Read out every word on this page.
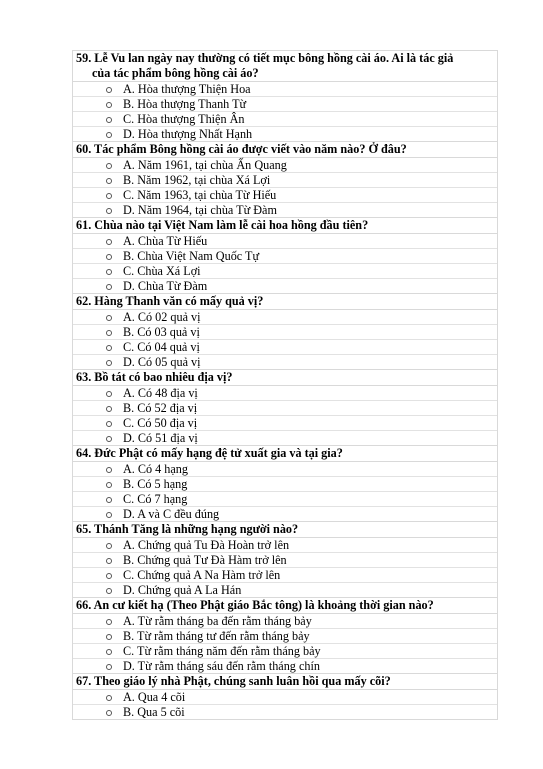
59. Lễ Vu lan ngày nay thường có tiết mục bông hồng cài áo. Ai là tác giả
của tác phẩm bông hồng cài áo?
A. Hòa thượng Thiện Hoa
B. Hòa thượng Thanh Từ
C. Hòa thượng Thiện Ân
D. Hòa thượng Nhất Hạnh
60. Tác phẩm Bông hồng cài áo được viết vào năm nào? Ở đâu?
A. Năm 1961, tại chùa Ấn Quang
B. Năm 1962, tại chùa Xá Lợi
C. Năm 1963, tại chùa Từ Hiếu
D. Năm 1964, tại chùa Từ Đàm
61. Chùa nào tại Việt Nam làm lễ cài hoa hồng đầu tiên?
A. Chùa Từ Hiếu
B. Chùa Việt Nam Quốc Tự
C. Chùa Xá Lợi
D. Chùa Từ Đàm
62. Hàng Thanh văn có mấy quả vị?
A. Có 02 quả vị
B. Có 03 quả vị
C. Có 04 quả vị
D. Có 05 quả vị
63. Bồ tát có bao nhiêu địa vị?
A. Có 48 địa vị
B. Có 52 địa vị
C. Có 50 địa vị
D. Có 51 địa vị
64. Đức Phật có mấy hạng đệ tử xuất gia và tại gia?
A. Có 4 hạng
B. Có 5 hạng
C. Có 7 hạng
D. A và C đều đúng
65. Thánh Tăng là những hạng người nào?
A. Chứng quả Tu Đà Hoàn trở lên
B. Chứng quả Tư Đà Hàm trở lên
C. Chứng quả A Na Hàm trở lên
D. Chứng quả A La Hán
66. An cư kiết hạ (Theo Phật giáo Bắc tông) là khoảng thời gian nào?
A. Từ rằm tháng ba đến rằm tháng bảy
B. Từ rằm tháng tư đến rằm tháng bảy
C. Từ rằm tháng năm đến rằm tháng bảy
D. Từ rằm tháng sáu đến rằm tháng chín
67. Theo giáo lý nhà Phật, chúng sanh luân hồi qua mấy cõi?
A. Qua 4 cõi
B. Qua 5 cõi
